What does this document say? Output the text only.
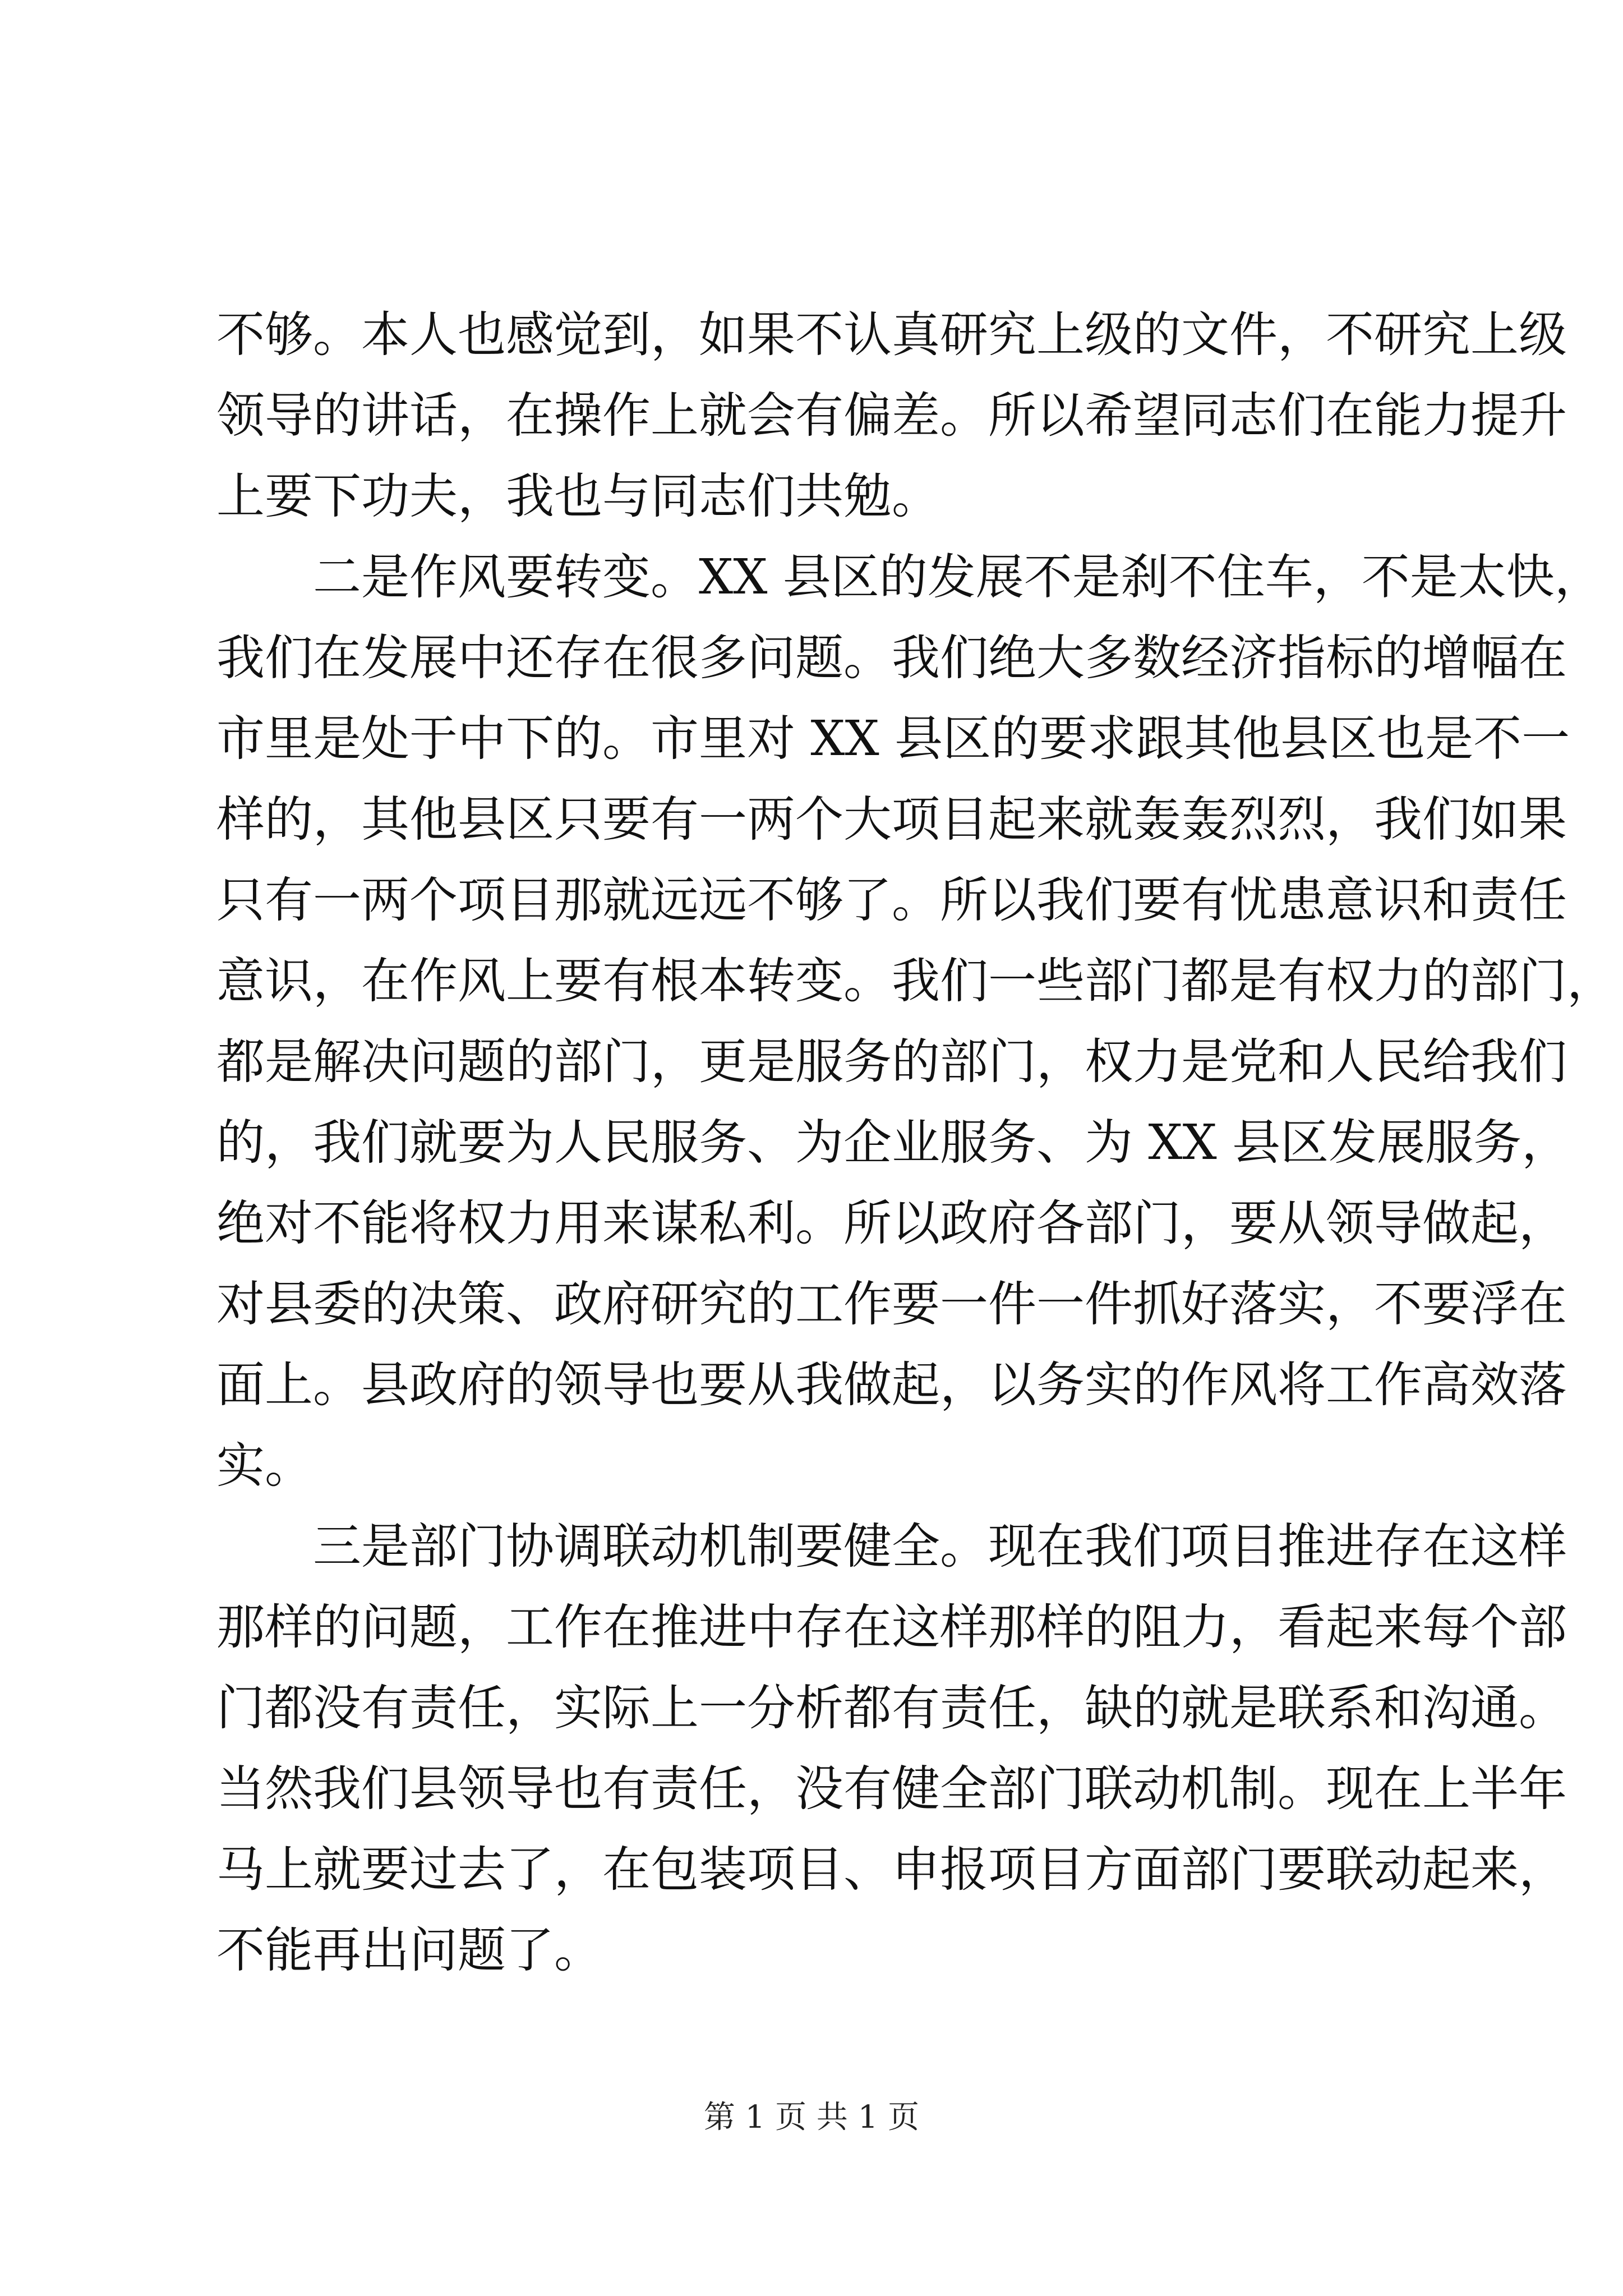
不够。本人也感觉到，如果不认真研究上级的文件，不研究上级
领导的讲话，在操作上就会有偏差。所以希望同志们在能力提升
上要下功夫，我也与同志们共勉。
二是作风要转变。XX 县区的发展不是刹不住车，不是太快，
我们在发展中还存在很多问题。我们绝大多数经济指标的增幅在
市里是处于中下的。市里对 XX 县区的要求跟其他县区也是不一
样的，其他县区只要有一两个大项目起来就轰轰烈烈，我们如果
只有一两个项目那就远远不够了。所以我们要有忧患意识和责任
意识，在作风上要有根本转变。我们一些部门都是有权力的部门，
都是解决问题的部门，更是服务的部门，权力是党和人民给我们
的，我们就要为人民服务、为企业服务、为 XX 县区发展服务，
绝对不能将权力用来谋私利。所以政府各部门，要从领导做起，
对县委的决策、政府研究的工作要一件一件抓好落实，不要浮在
面上。县政府的领导也要从我做起，以务实的作风将工作高效落
实。
三是部门协调联动机制要健全。现在我们项目推进存在这样
那样的问题，工作在推进中存在这样那样的阻力，看起来每个部
门都没有责任，实际上一分析都有责任，缺的就是联系和沟通。
当然我们县领导也有责任，没有健全部门联动机制。现在上半年
马上就要过去了，在包装项目、申报项目方面部门要联动起来，
不能再出问题了。
第 1 页 共 1 页
